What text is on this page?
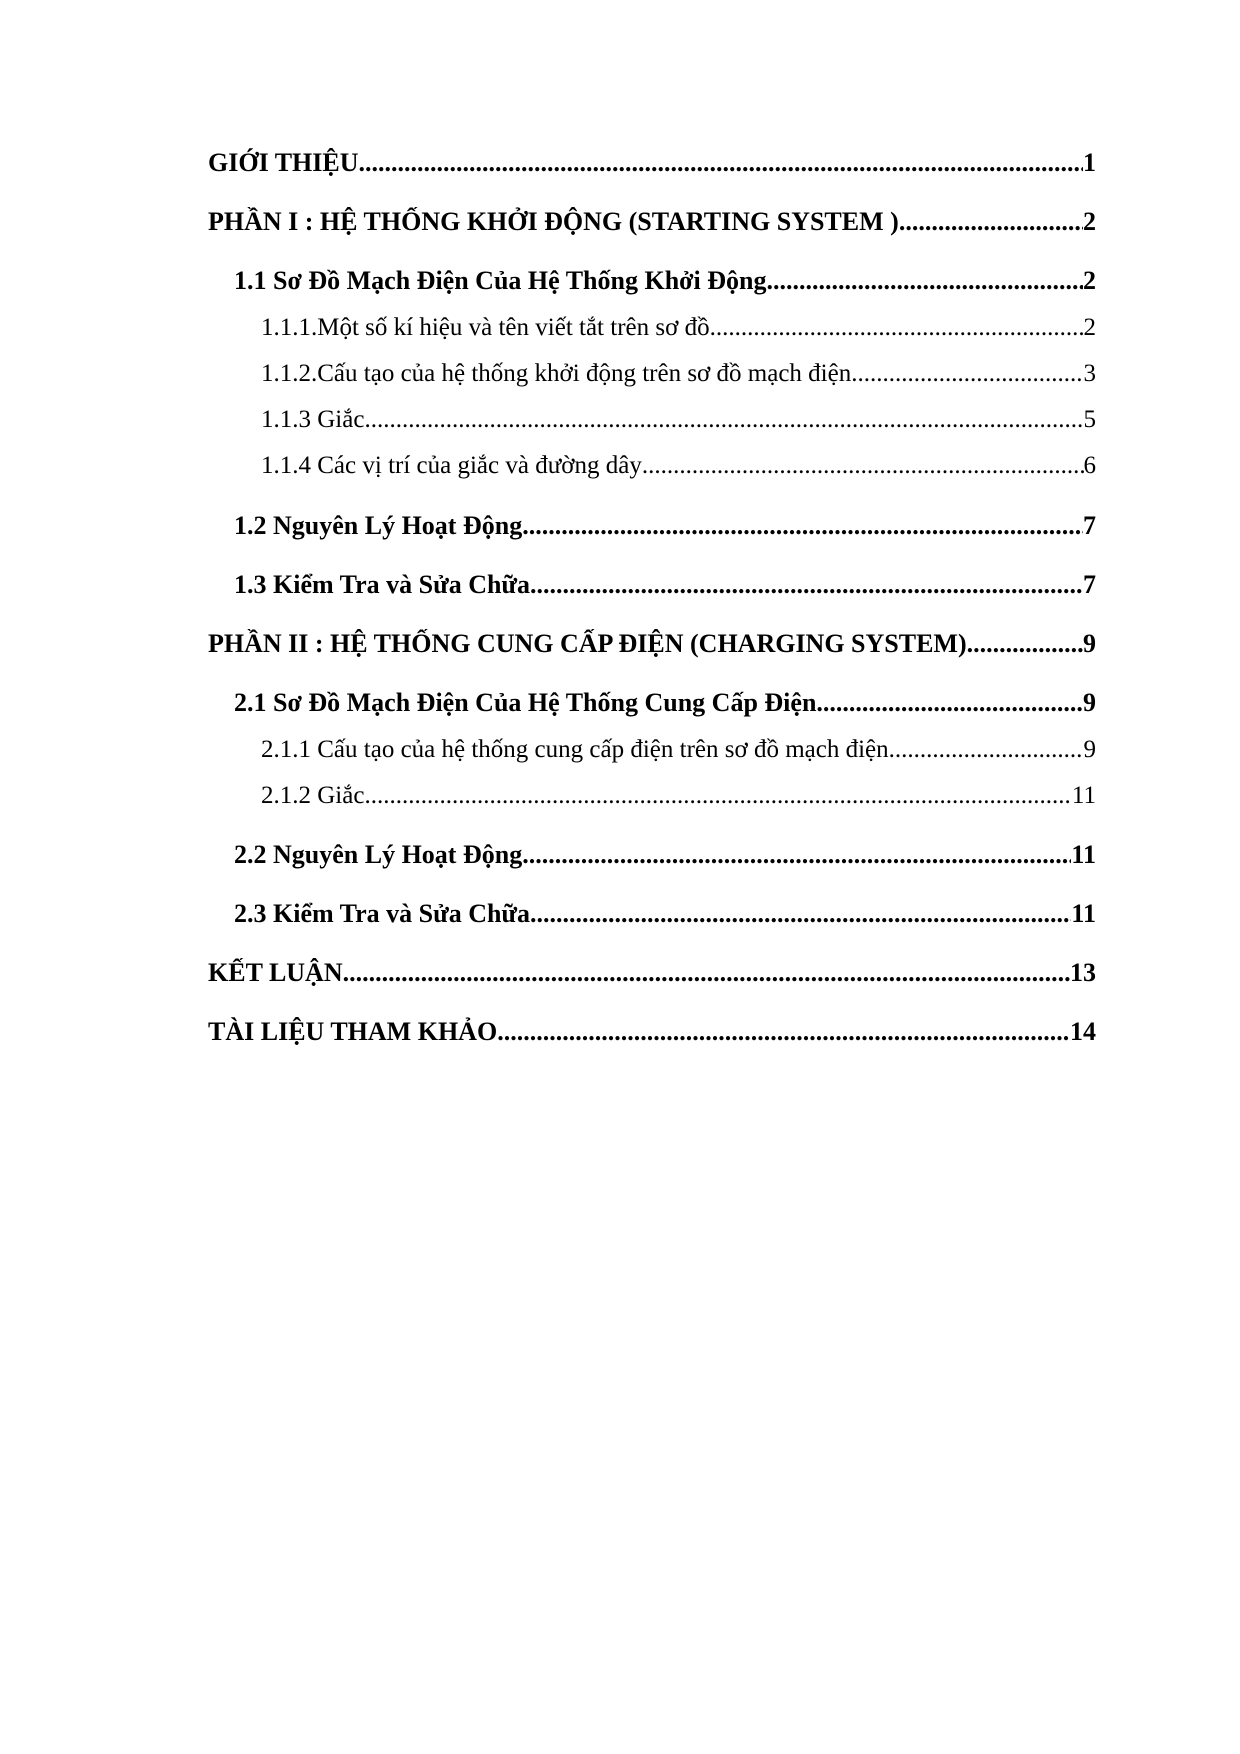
GIỚI THIỆU .....	1
PHẦN I : HỆ THỐNG KHỞI ĐỘNG (STARTING SYSTEM ) .....	2
1.1 Sơ Đồ Mạch Điện Của Hệ Thống Khởi Động .....	2
1.1.1.Một số kí hiệu và tên viết tắt trên sơ đồ .....	2
1.1.2.Cấu tạo của hệ thống khởi động trên sơ đồ mạch điện .....	3
1.1.3 Giắc .....	5
1.1.4 Các vị trí của giắc và đường dây .....	6
1.2 Nguyên Lý Hoạt Động .....	7
1.3 Kiểm Tra và Sửa Chữa .....	7
PHẦN II : HỆ THỐNG CUNG CẤP ĐIỆN (CHARGING SYSTEM) .....	9
2.1 Sơ Đồ Mạch Điện Của Hệ Thống Cung Cấp Điện .....	9
2.1.1 Cấu tạo của hệ thống cung cấp điện trên sơ đồ mạch điện .....	9
2.1.2 Giắc .....	11
2.2 Nguyên Lý Hoạt Động .....	11
2.3 Kiểm Tra và Sửa Chữa .....	11
KẾT LUẬN .....	13
TÀI LIỆU THAM KHẢO .....	14
